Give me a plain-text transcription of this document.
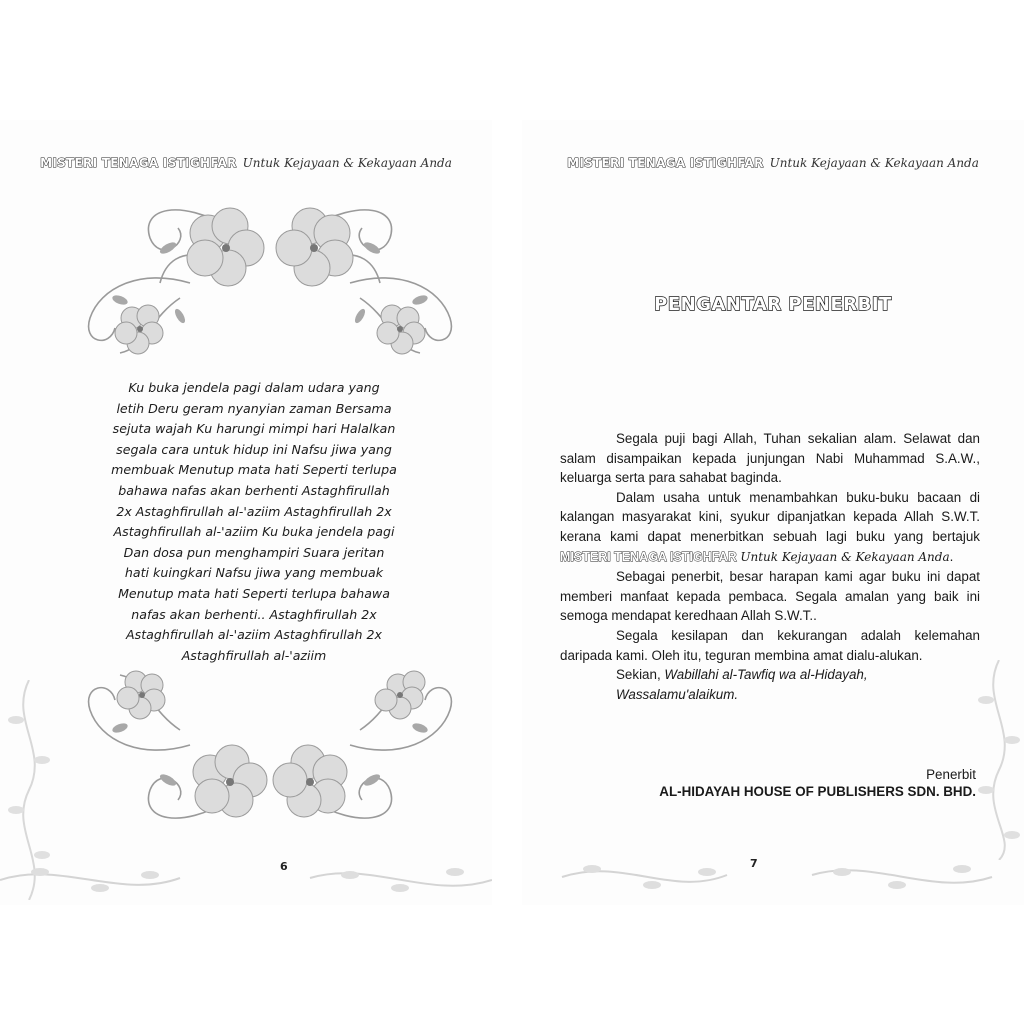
MISTERI TENAGA ISTIGHFAR Untuk Kejayaan & Kekayaan Anda
Ku buka jendela pagi dalam udara yang
letih Deru geram nyanyian zaman Bersama
sejuta wajah Ku harungi mimpi hari Halalkan
segala cara untuk hidup ini Nafsu jiwa yang
membuak Menutup mata hati Seperti terlupa
bahawa nafas akan berhenti Astaghfirullah
2x Astaghfirullah al-'aziim Astaghfirullah 2x
Astaghfirullah al-'aziim Ku buka jendela pagi
Dan dosa pun menghampiri Suara jeritan
hati kuingkari Nafsu jiwa yang membuak
Menutup mata hati Seperti terlupa bahawa
nafas akan berhenti.. Astaghfirullah 2x
Astaghfirullah al-'aziim Astaghfirullah 2x
Astaghfirullah al-'aziim
6
MISTERI TENAGA ISTIGHFAR Untuk Kejayaan & Kekayaan Anda
PENGANTAR PENERBIT

Segala puji bagi Allah, Tuhan sekalian alam. Selawat dan salam disampaikan kepada junjungan Nabi Muhammad S.A.W., keluarga serta para sahabat baginda.

Dalam usaha untuk menambahkan buku-buku bacaan di kalangan masyarakat kini, syukur dipanjatkan kepada Allah S.W.T. kerana kami dapat menerbitkan sebuah lagi buku yang bertajuk MISTERI TENAGA ISTIGHFAR Untuk Kejayaan & Kekayaan Anda.

Sebagai penerbit, besar harapan kami agar buku ini dapat memberi manfaat kepada pembaca. Segala amalan yang baik ini semoga mendapat keredhaan Allah S.W.T..

Segala kesilapan dan kekurangan adalah kelemahan daripada kami. Oleh itu, teguran membina amat dialu-alukan.

Sekian, Wabillahi al-Tawfiq wa al-Hidayah,

Wassalamu'alaikum.

Penerbit
AL-HIDAYAH HOUSE OF PUBLISHERS SDN. BHD.
7
